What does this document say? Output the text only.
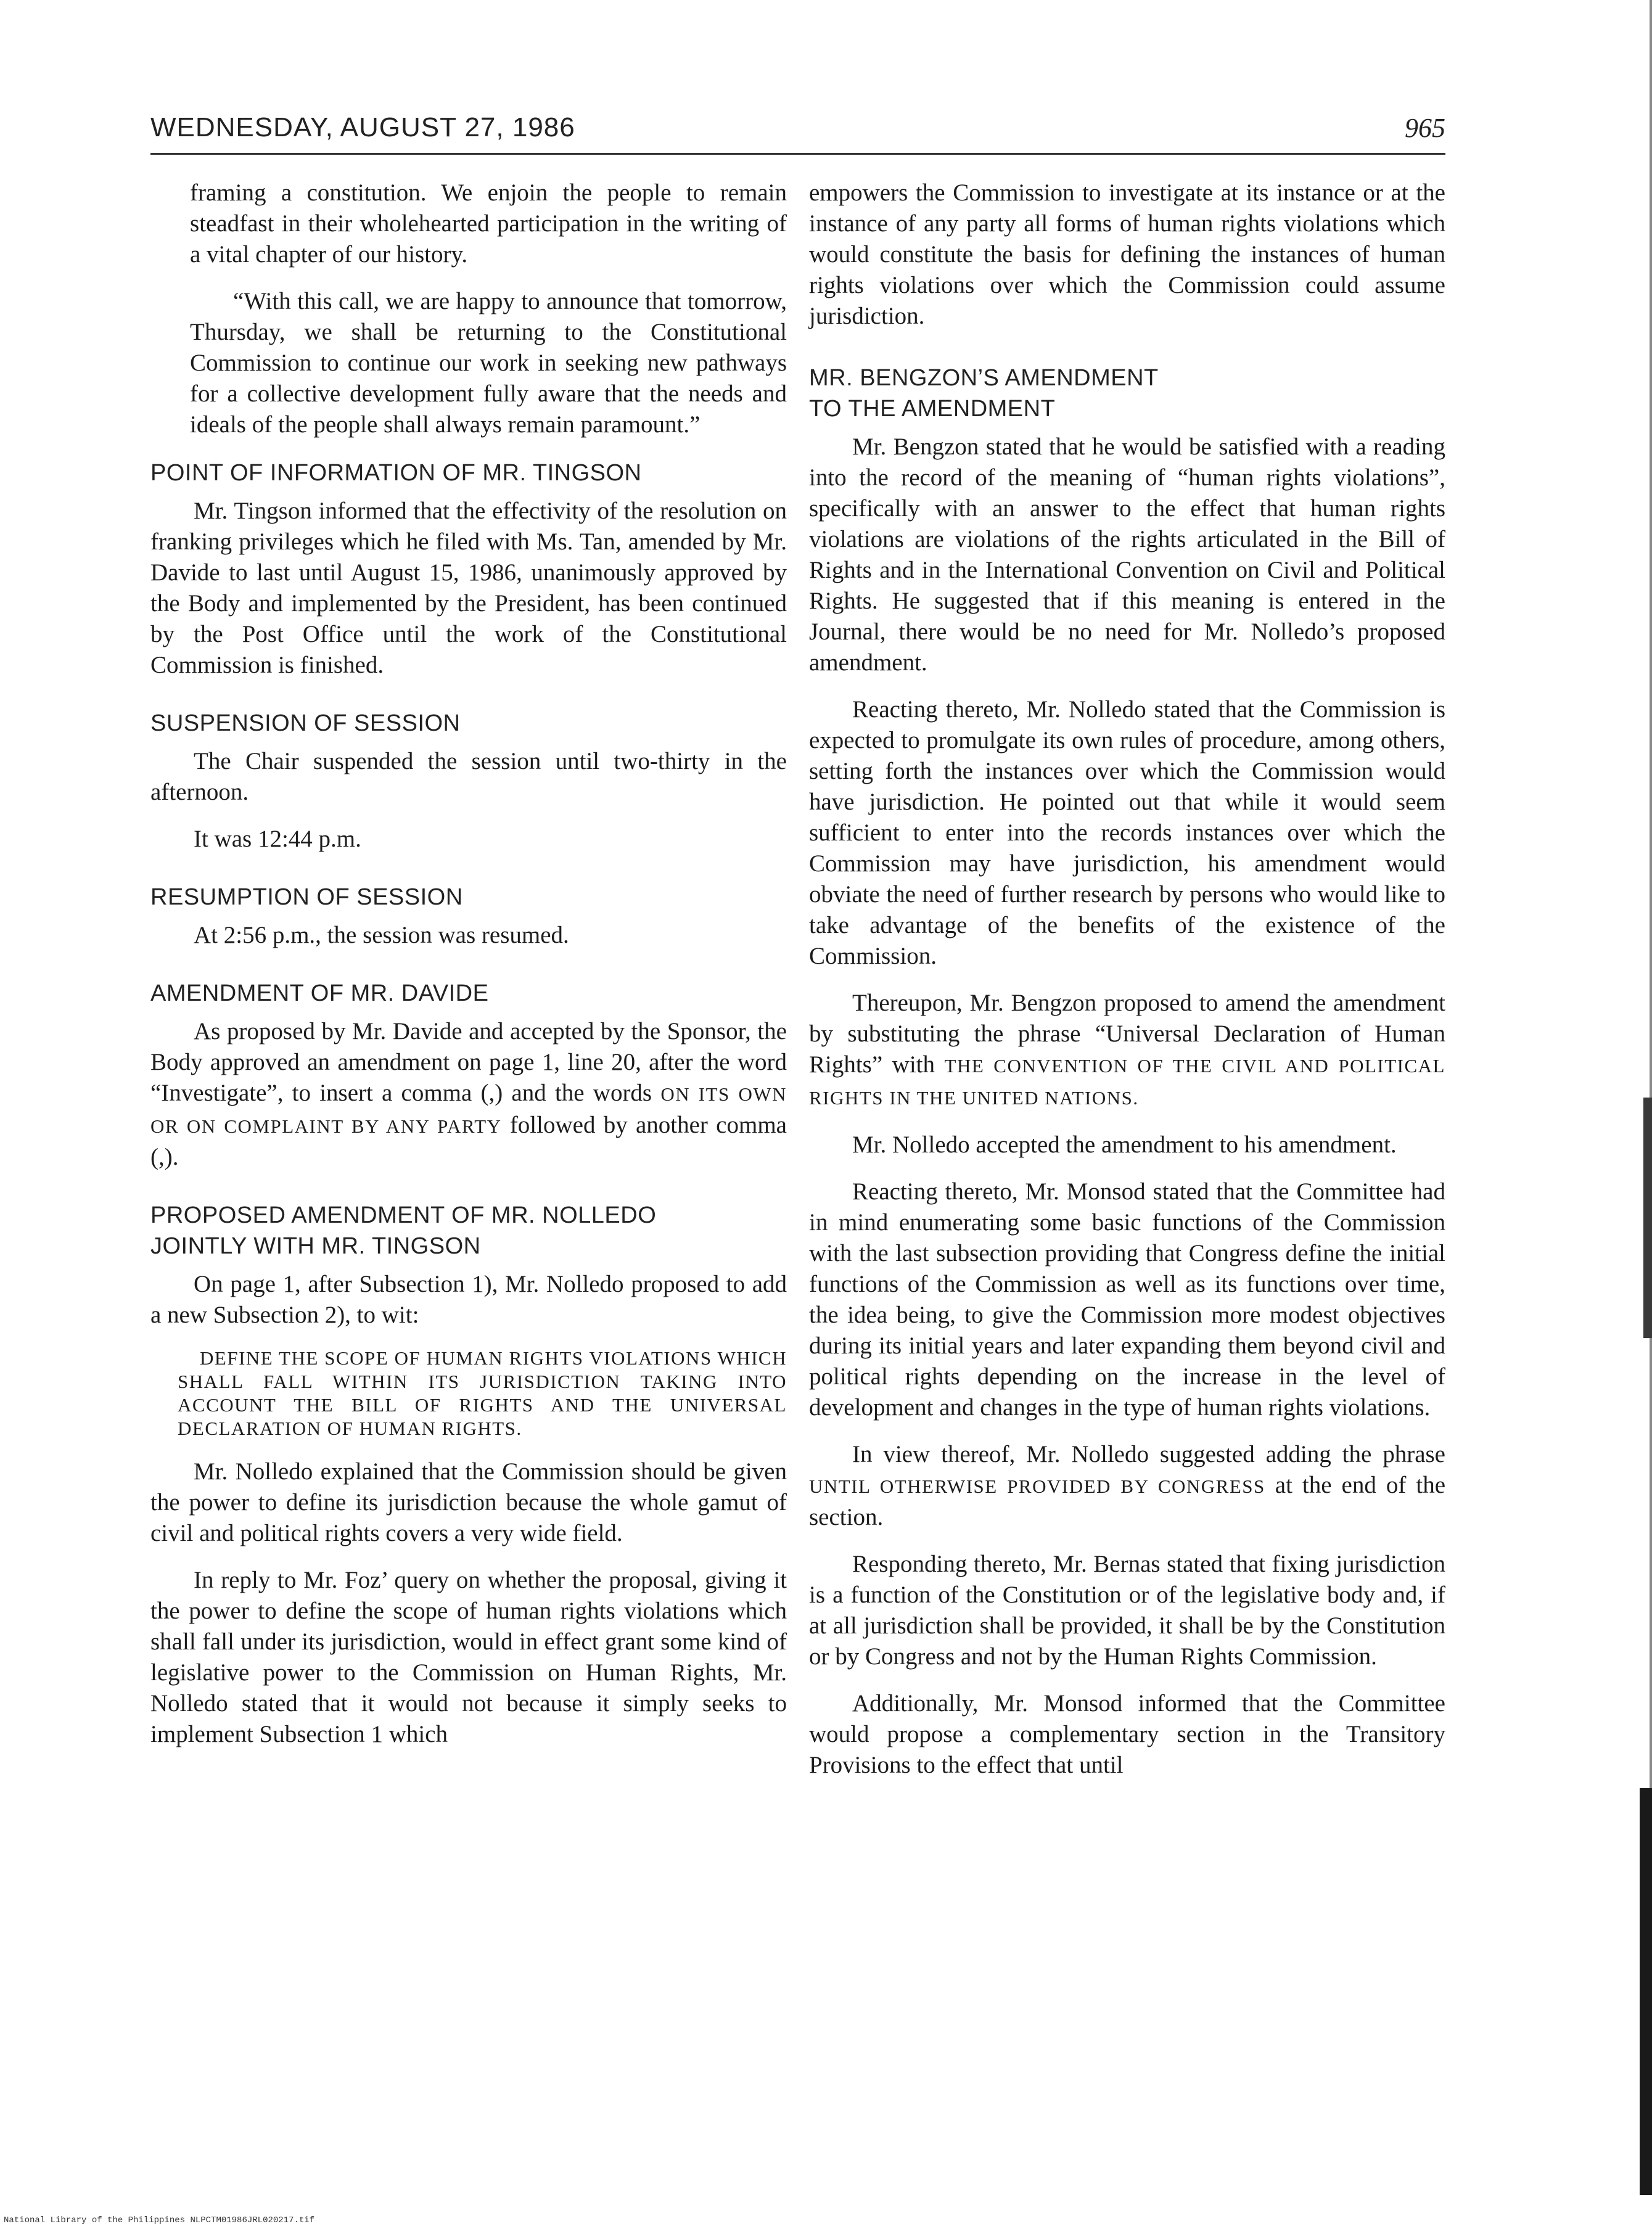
WEDNESDAY, AUGUST 27, 1986	965

framing a constitution. We enjoin the people to remain steadfast in their wholehearted participation in the writing of a vital chapter of our history.

“With this call, we are happy to announce that tomorrow, Thursday, we shall be returning to the Constitutional Commission to continue our work in seeking new pathways for a collective development fully aware that the needs and ideals of the people shall always remain paramount.”

POINT OF INFORMATION OF MR. TINGSON

Mr. Tingson informed that the effectivity of the resolution on franking privileges which he filed with Ms. Tan, amended by Mr. Davide to last until August 15, 1986, unanimously approved by the Body and implemented by the President, has been continued by the Post Office until the work of the Constitutional Commission is finished.

SUSPENSION OF SESSION

The Chair suspended the session until two-thirty in the afternoon.

It was 12:44 p.m.

RESUMPTION OF SESSION

At 2:56 p.m., the session was resumed.

AMENDMENT OF MR. DAVIDE

As proposed by Mr. Davide and accepted by the Sponsor, the Body approved an amendment on page 1, line 20, after the word “Investigate”, to insert a comma (,) and the words ON ITS OWN OR ON COMPLAINT BY ANY PARTY followed by another comma (,).

PROPOSED AMENDMENT OF MR. NOLLEDO
JOINTLY WITH MR. TINGSON

On page 1, after Subsection 1), Mr. Nolledo proposed to add a new Subsection 2), to wit:

DEFINE THE SCOPE OF HUMAN RIGHTS VIOLATIONS WHICH SHALL FALL WITHIN ITS JURISDICTION TAKING INTO ACCOUNT THE BILL OF RIGHTS AND THE UNIVERSAL DECLARATION OF HUMAN RIGHTS.

Mr. Nolledo explained that the Commission should be given the power to define its jurisdiction because the whole gamut of civil and political rights covers a very wide field.

In reply to Mr. Foz’ query on whether the proposal, giving it the power to define the scope of human rights violations which shall fall under its jurisdiction, would in effect grant some kind of legislative power to the Commission on Human Rights, Mr. Nolledo stated that it would not because it simply seeks to implement Subsection 1 which

empowers the Commission to investigate at its instance or at the instance of any party all forms of human rights violations which would constitute the basis for defining the instances of human rights violations over which the Commission could assume jurisdiction.

MR. BENGZON’S AMENDMENT
TO THE AMENDMENT

Mr. Bengzon stated that he would be satisfied with a reading into the record of the meaning of “human rights violations”, specifically with an answer to the effect that human rights violations are violations of the rights articulated in the Bill of Rights and in the International Convention on Civil and Political Rights. He suggested that if this meaning is entered in the Journal, there would be no need for Mr. Nolledo’s proposed amendment.

Reacting thereto, Mr. Nolledo stated that the Commission is expected to promulgate its own rules of procedure, among others, setting forth the instances over which the Commission would have jurisdiction. He pointed out that while it would seem sufficient to enter into the records instances over which the Commission may have jurisdiction, his amendment would obviate the need of further research by persons who would like to take advantage of the benefits of the existence of the Commission.

Thereupon, Mr. Bengzon proposed to amend the amendment by substituting the phrase “Universal Declaration of Human Rights” with THE CONVENTION OF THE CIVIL AND POLITICAL RIGHTS IN THE UNITED NATIONS.

Mr. Nolledo accepted the amendment to his amendment.

Reacting thereto, Mr. Monsod stated that the Committee had in mind enumerating some basic functions of the Commission with the last subsection providing that Congress define the initial functions of the Commission as well as its functions over time, the idea being, to give the Commission more modest objectives during its initial years and later expanding them beyond civil and political rights depending on the increase in the level of development and changes in the type of human rights violations.

In view thereof, Mr. Nolledo suggested adding the phrase UNTIL OTHERWISE PROVIDED BY CONGRESS at the end of the section.

Responding thereto, Mr. Bernas stated that fixing jurisdiction is a function of the Constitution or of the legislative body and, if at all jurisdiction shall be provided, it shall be by the Constitution or by Congress and not by the Human Rights Commission.

Additionally, Mr. Monsod informed that the Committee would propose a complementary section in the Transitory Provisions to the effect that until

National Library of the Philippines NLPCTM01986JRL020217.tif
